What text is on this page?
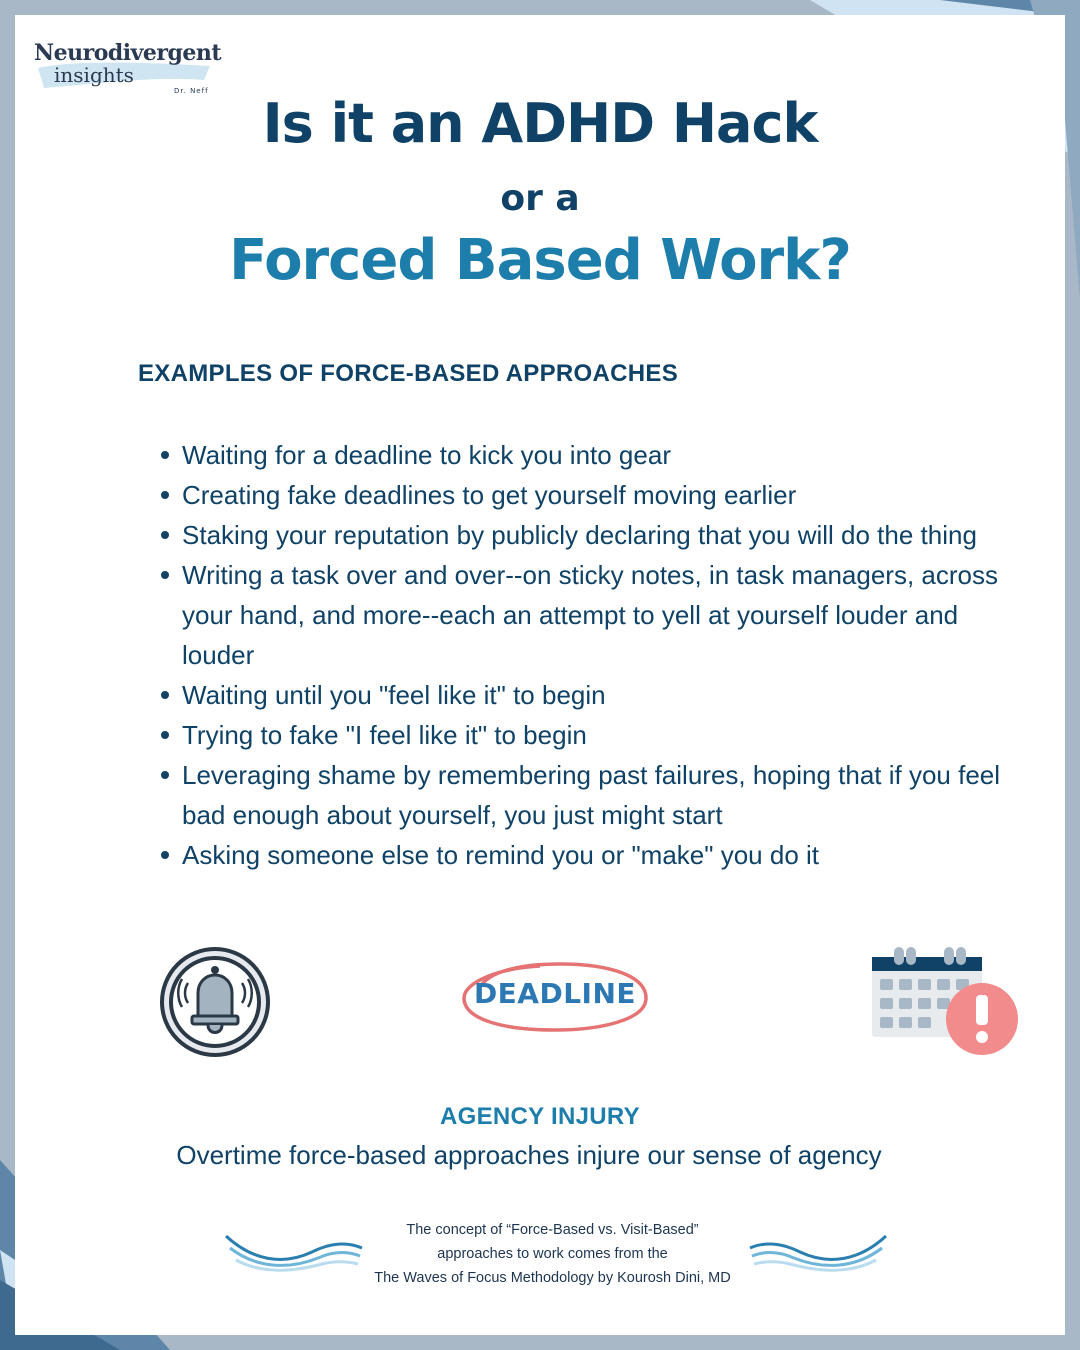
Neurodivergent
insights
Dr. Neff
Is it an ADHD Hack
or a
Forced Based Work?
EXAMPLES OF FORCE-BASED APPROACHES
Waiting for a deadline to kick you into gear
Creating fake deadlines to get yourself moving earlier
Staking your reputation by publicly declaring that you will do the thing
Writing a task over and over--on sticky notes, in task managers, across your hand, and more--each an attempt to yell at yourself louder and louder
Waiting until you "feel like it" to begin
Trying to fake "I feel like it" to begin
Leveraging shame by remembering past failures, hoping that if you feel bad enough about yourself, you just might start
Asking someone else to remind you or "make" you do it
DEADLINE
AGENCY INJURY

Overtime force-based approaches injure our sense of agency

The concept of “Force-Based vs. Visit-Based”
approaches to work comes from the
The Waves of Focus Methodology by Kourosh Dini, MD
